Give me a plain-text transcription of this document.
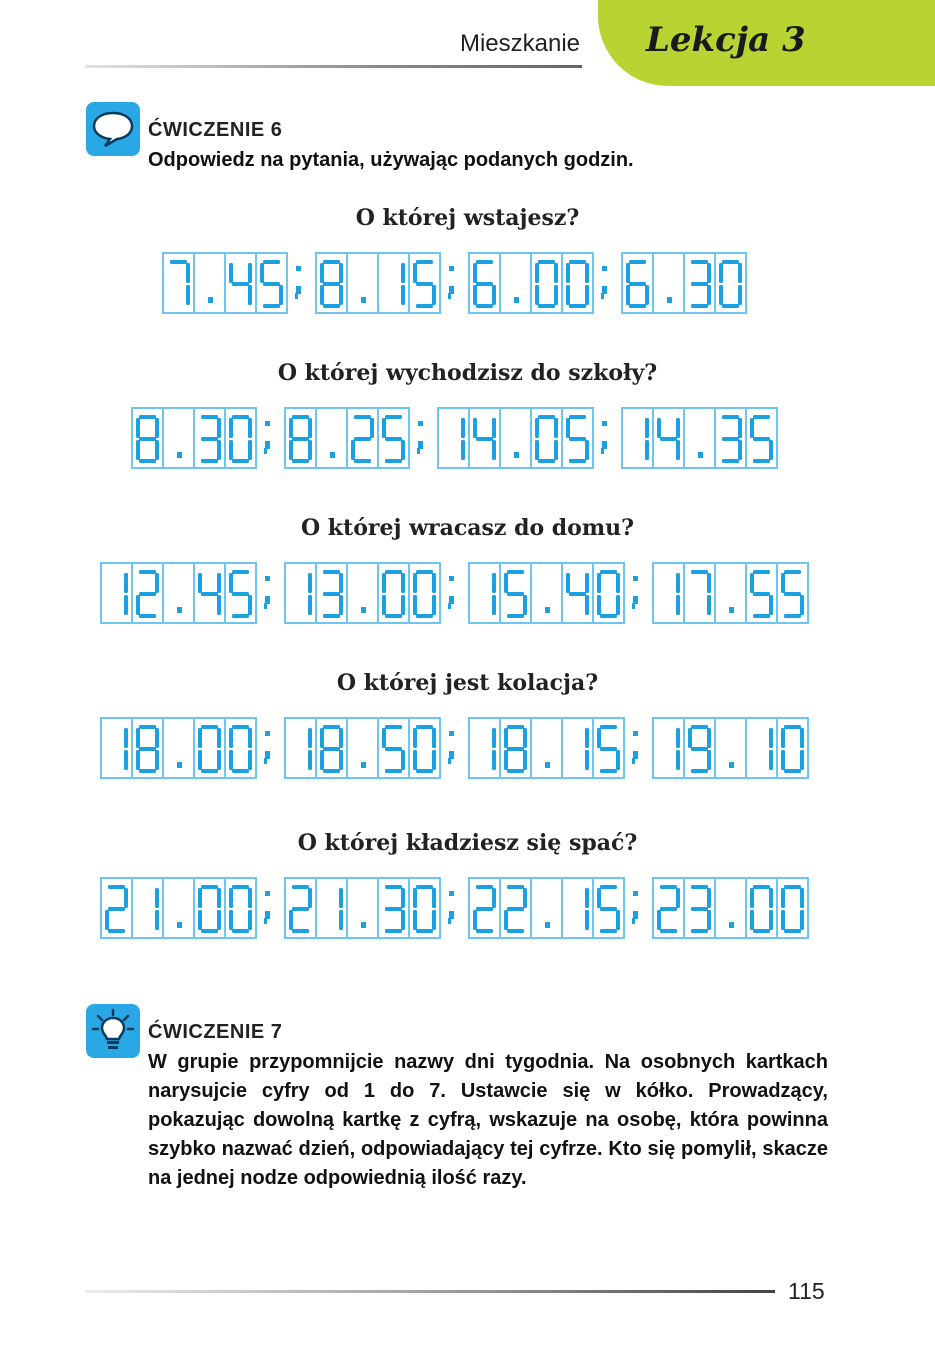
Lekcja 3
Mieszkanie
ĆWICZENIE 6
Odpowiedz na pytania, używając podanych godzin.
O której wstajesz?
O której wychodzisz do szkoły?
O której wracasz do domu?
O której jest kolacja?
O której kładziesz się spać?
ĆWICZENIE 7
W grupie przypomnijcie nazwy dni tygodnia. Na osobnych kartkach narysujcie cyfry od 1 do 7. Ustawcie się w kółko. Prowadzący, pokazując dowolną kartkę z cyfrą, wskazuje na osobę, która powinna szybko nazwać dzień, odpowiadający tej cyfrze. Kto się pomylił, skacze na jednej nodze odpowiednią ilość razy.
115
